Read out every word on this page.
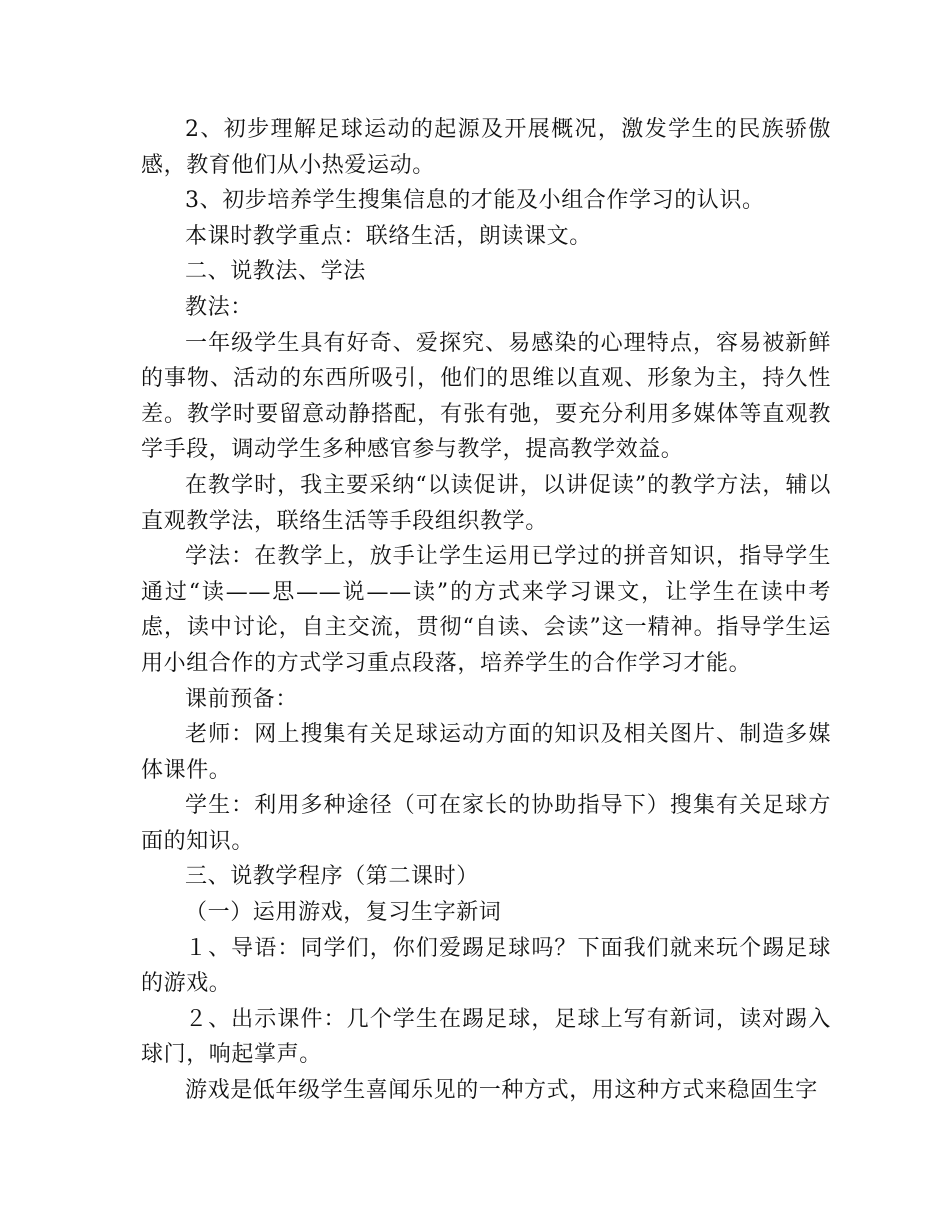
2、初步理解足球运动的起源及开展概况，激发学生的民族骄傲感，教育他们从小热爱运动。

3、初步培养学生搜集信息的才能及小组合作学习的认识。

本课时教学重点：联络生活，朗读课文。

二、说教法、学法

教法：

一年级学生具有好奇、爱探究、易感染的心理特点，容易被新鲜的事物、活动的东西所吸引，他们的思维以直观、形象为主，持久性差。教学时要留意动静搭配，有张有弛，要充分利用多媒体等直观教学手段，调动学生多种感官参与教学，提高教学效益。

在教学时，我主要采纳“以读促讲，以讲促读”的教学方法，辅以直观教学法，联络生活等手段组织教学。

学法：在教学上，放手让学生运用已学过的拼音知识，指导学生通过“读——思——说——读”的方式来学习课文，让学生在读中考虑，读中讨论，自主交流，贯彻“自读、会读”这一精神。指导学生运用小组合作的方式学习重点段落，培养学生的合作学习才能。

课前预备：

老师：网上搜集有关足球运动方面的知识及相关图片、制造多媒体课件。

学生：利用多种途径（可在家长的协助指导下）搜集有关足球方面的知识。

三、说教学程序（第二课时）

（一）运用游戏，复习生字新词

１、导语：同学们，你们爱踢足球吗？下面我们就来玩个踢足球的游戏。

２、出示课件：几个学生在踢足球，足球上写有新词，读对踢入球门，响起掌声。

游戏是低年级学生喜闻乐见的一种方式，用这种方式来稳固生字
